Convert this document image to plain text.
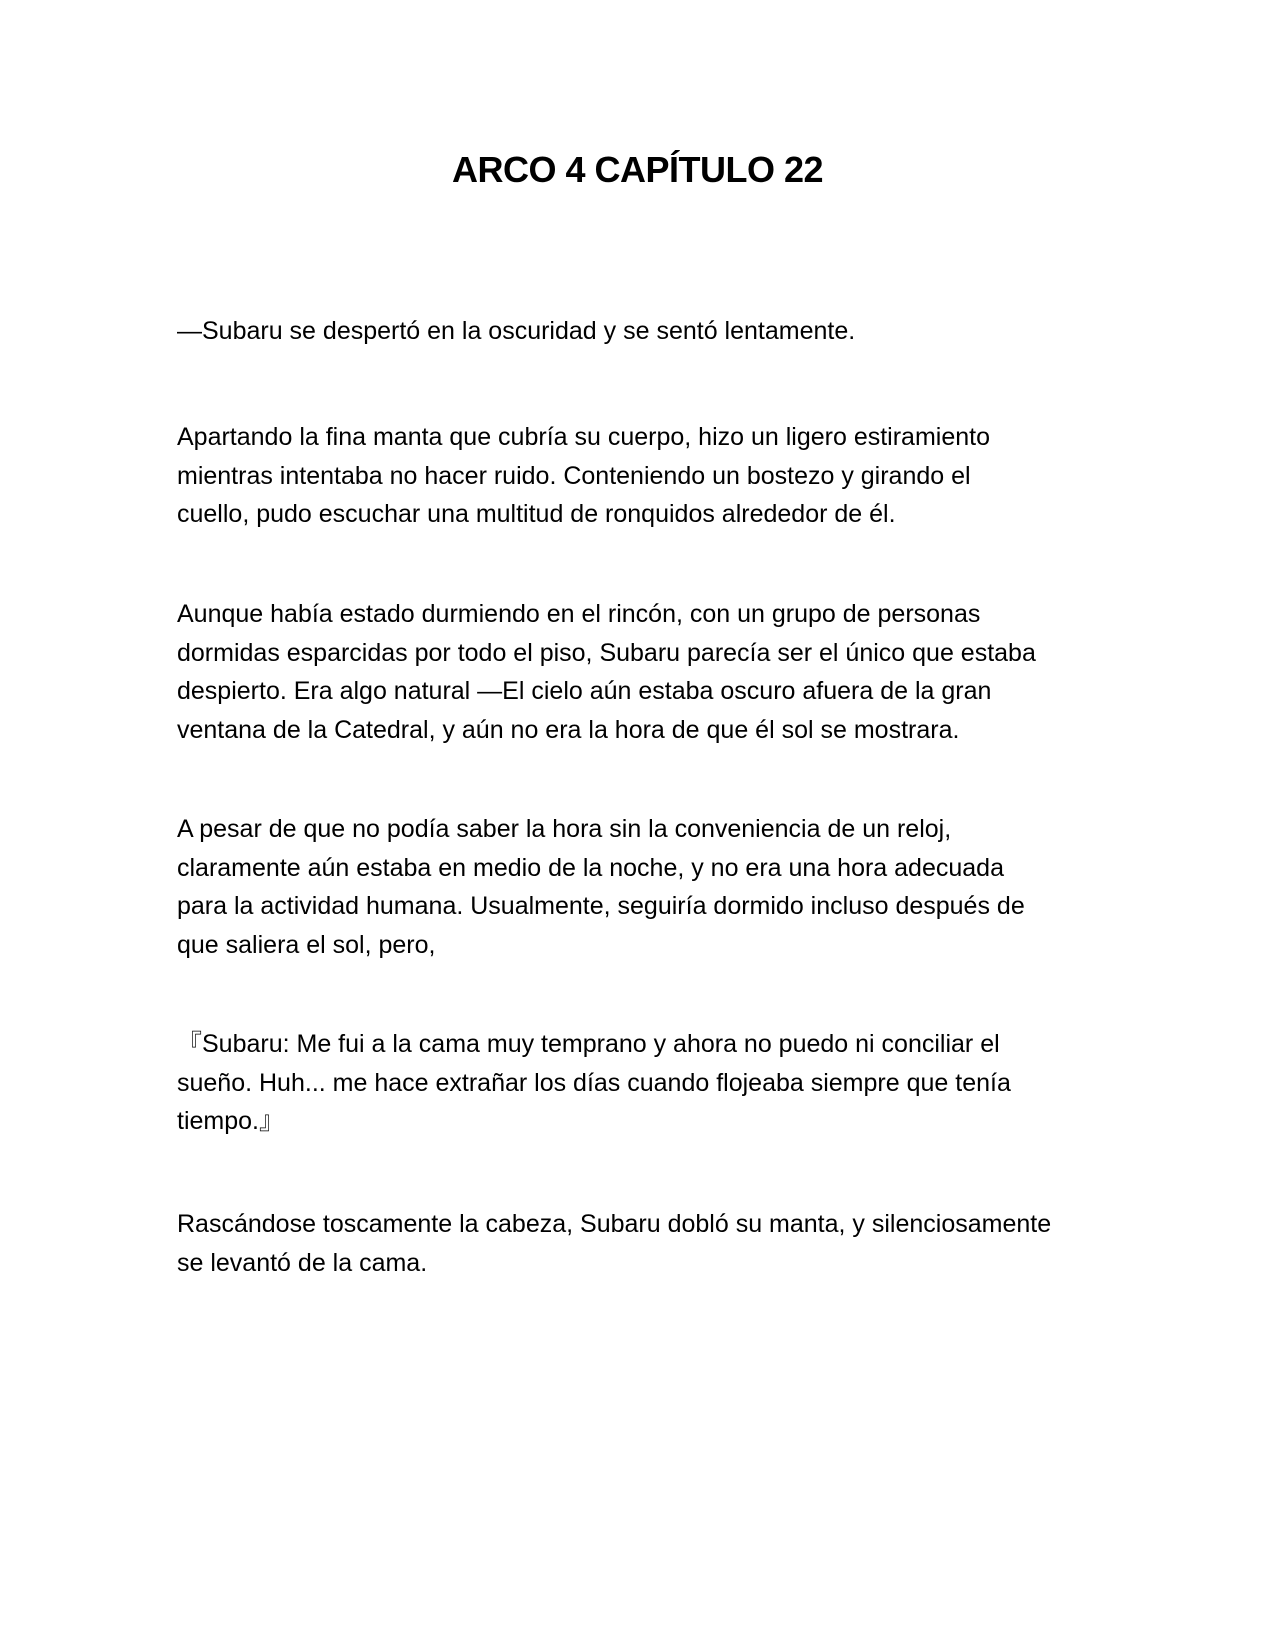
ARCO 4 CAPÍTULO 22

—Subaru se despertó en la oscuridad y se sentó lentamente.

Apartando la fina manta que cubría su cuerpo, hizo un ligero estiramiento
mientras intentaba no hacer ruido. Conteniendo un bostezo y girando el
cuello, pudo escuchar una multitud de ronquidos alrededor de él.

Aunque había estado durmiendo en el rincón, con un grupo de personas
dormidas esparcidas por todo el piso, Subaru parecía ser el único que estaba
despierto. Era algo natural —El cielo aún estaba oscuro afuera de la gran
ventana de la Catedral, y aún no era la hora de que él sol se mostrara.

A pesar de que no podía saber la hora sin la conveniencia de un reloj,
claramente aún estaba en medio de la noche, y no era una hora adecuada
para la actividad humana. Usualmente, seguiría dormido incluso después de
que saliera el sol, pero,

『Subaru: Me fui a la cama muy temprano y ahora no puedo ni conciliar el
sueño. Huh... me hace extrañar los días cuando flojeaba siempre que tenía
tiempo.』

Rascándose toscamente la cabeza, Subaru dobló su manta, y silenciosamente
se levantó de la cama.
